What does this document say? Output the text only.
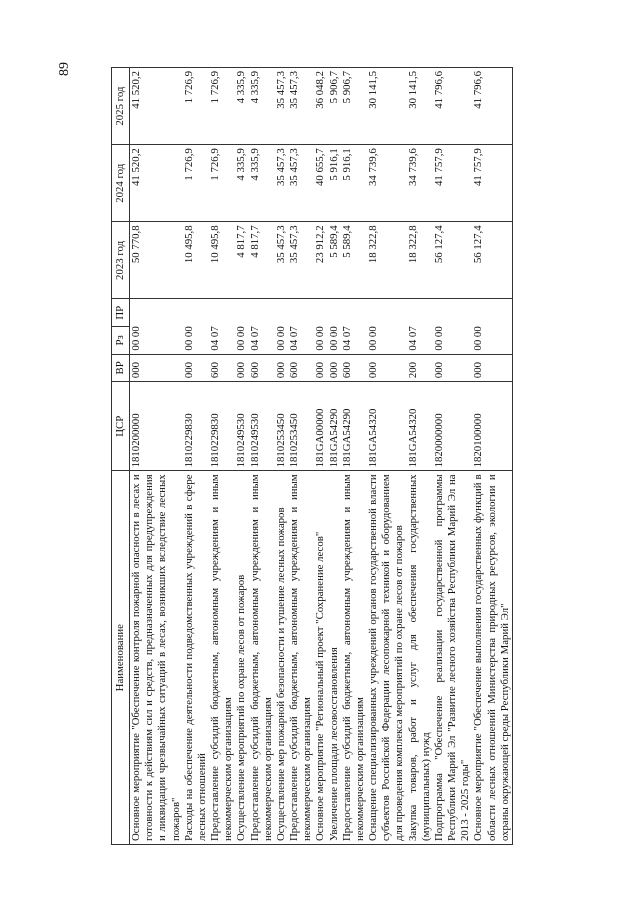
89
Наименование	ЦСР	ВР	Рз	ПР	2023 год	2024 год	2025 год
Основное мероприятие "Обеспечение контроля пожарной опасности в лесах и готовности к действиям сил и средств, предназначенных для предупреждения и ликвидации чрезвычайных ситуаций в лесах, возникших вследствие лесных пожаров"	1810200000	000	00 00		50 770,8	41 520,2	41 520,2
Расходы на обеспечение деятельности подведомственных учреждений в сфере лесных отношений	1810229830	000	00 00		10 495,8	1 726,9	1 726,9
Предоставление субсидий бюджетным, автономным учреждениям и иным некоммерческим организациям	1810229830	600	04 07		10 495,8	1 726,9	1 726,9
Осуществление мероприятий по охране лесов от пожаров	1810249530	000	00 00		4 817,7	4 335,9	4 335,9
Предоставление субсидий бюджетным, автономным учреждениям и иным некоммерческим организациям	1810249530	600	04 07		4 817,7	4 335,9	4 335,9
Осуществление мер пожарной безопасности и тушение лесных пожаров	1810253450	000	00 00		35 457,3	35 457,3	35 457,3
Предоставление субсидий бюджетным, автономным учреждениям и иным некоммерческим организациям	1810253450	600	04 07		35 457,3	35 457,3	35 457,3
Основное мероприятие "Региональный проект "Сохранение лесов"	181GA00000	000	00 00		23 912,2	40 655,7	36 048,2
Увеличение площади лесовосстановления	181GA54290	000	00 00		5 589,4	5 916,1	5 906,7
Предоставление субсидий бюджетным, автономным учреждениям и иным некоммерческим организациям	181GA54290	600	04 07		5 589,4	5 916,1	5 906,7
Оснащение специализированных учреждений органов государственной власти субъектов Российской Федерации лесопожарной техникой и оборудованием для проведения комплекса мероприятий по охране лесов от пожаров	181GA54320	000	00 00		18 322,8	34 739,6	30 141,5
Закупка товаров, работ и услуг для обеспечения государственных (муниципальных) нужд	181GA54320	200	04 07		18 322,8	34 739,6	30 141,5
Подпрограмма "Обеспечение реализации государственной программы Республики Марий Эл "Развитие лесного хозяйства Республики Марий Эл на 2013 - 2025 годы"	1820000000	000	00 00		56 127,4	41 757,9	41 796,6
Основное мероприятие "Обеспечение выполнения государственных функций в области лесных отношений Министерства природных ресурсов, экологии и охраны окружающей среды Республики Марий Эл"	1820100000	000	00 00		56 127,4	41 757,9	41 796,6
